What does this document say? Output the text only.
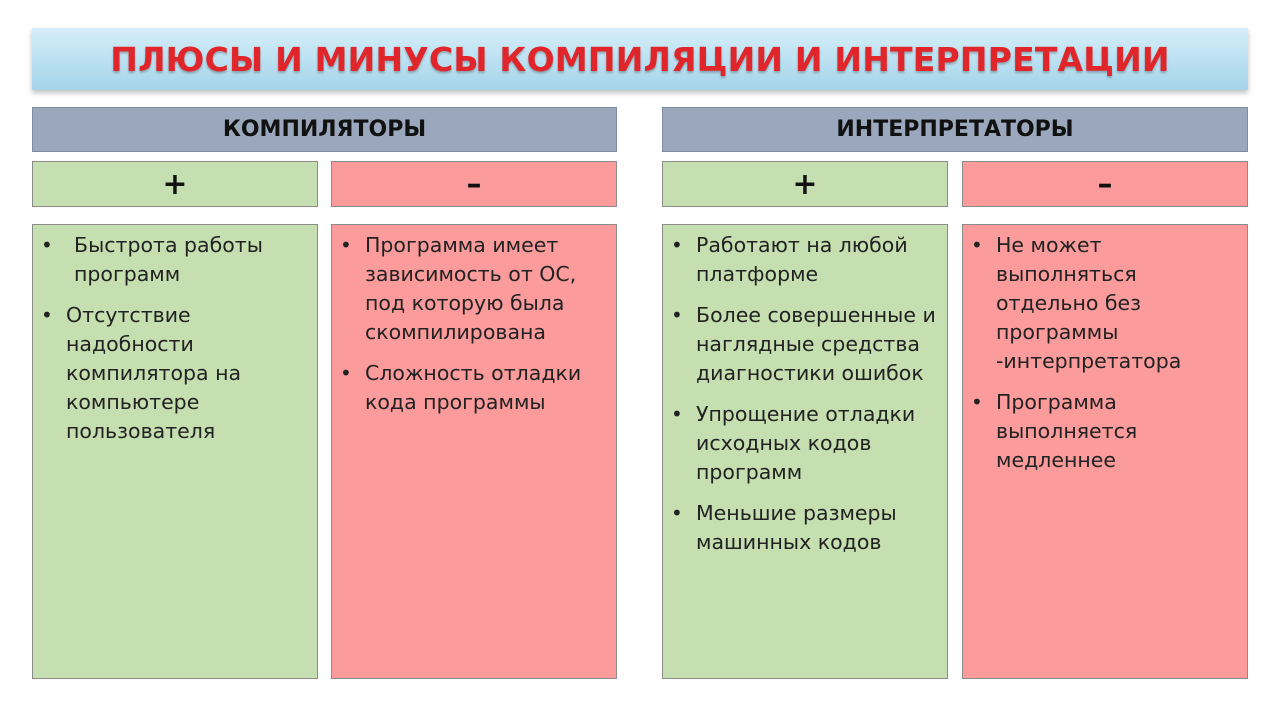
ПЛЮСЫ И МИНУСЫ КОМПИЛЯЦИИ И ИНТЕРПРЕТАЦИИ
КОМПИЛЯТОРЫ
+	–
• Быстрота работы программ
• Отсутствие надобности компилятора на компьютере пользователя
• Программа имеет зависимость от ОС, под которую была скомпилирована
• Сложность отладки кода программы
ИНТЕРПРЕТАТОРЫ
+	–
• Работают на любой платформе
• Более совершенные и наглядные средства диагностики ошибок
• Упрощение отладки исходных кодов программ
• Меньшие размеры машинных кодов
• Не может выполняться отдельно без программы -интерпретатора
• Программа выполняется медленнее
